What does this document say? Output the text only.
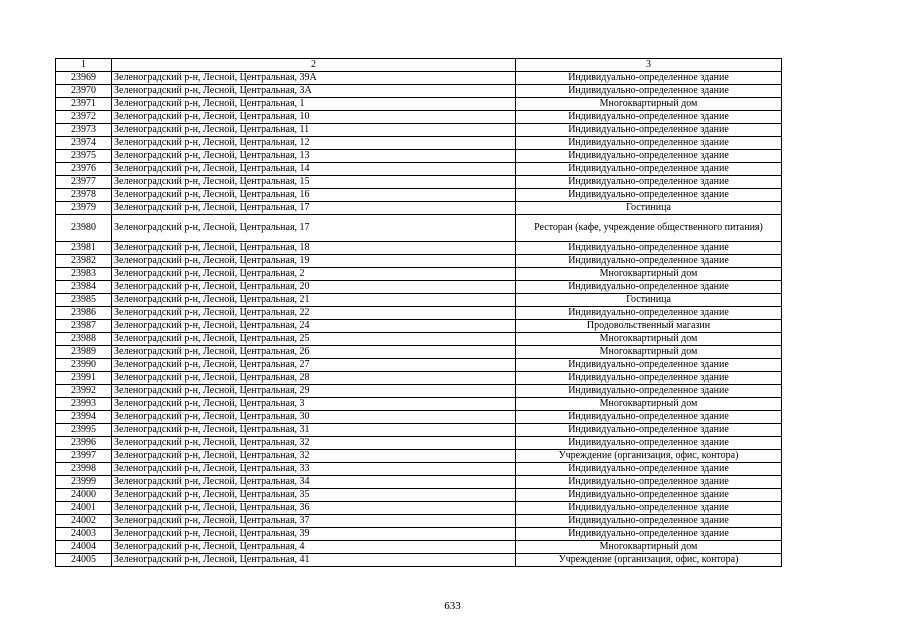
1	2	3
23969	Зеленоградский р-н, Лесной, Центральная, 39А	Индивидуально-определенное здание
23970	Зеленоградский р-н, Лесной, Центральная, 3А	Индивидуально-определенное здание
23971	Зеленоградский р-н, Лесной, Центральная, 1	Многоквартирный дом
23972	Зеленоградский р-н, Лесной, Центральная, 10	Индивидуально-определенное здание
23973	Зеленоградский р-н, Лесной, Центральная, 11	Индивидуально-определенное здание
23974	Зеленоградский р-н, Лесной, Центральная, 12	Индивидуально-определенное здание
23975	Зеленоградский р-н, Лесной, Центральная, 13	Индивидуально-определенное здание
23976	Зеленоградский р-н, Лесной, Центральная, 14	Индивидуально-определенное здание
23977	Зеленоградский р-н, Лесной, Центральная, 15	Индивидуально-определенное здание
23978	Зеленоградский р-н, Лесной, Центральная, 16	Индивидуально-определенное здание
23979	Зеленоградский р-н, Лесной, Центральная, 17	Гостиница
23980	Зеленоградский р-н, Лесной, Центральная, 17	Ресторан (кафе, учреждение общественного питания)
23981	Зеленоградский р-н, Лесной, Центральная, 18	Индивидуально-определенное здание
23982	Зеленоградский р-н, Лесной, Центральная, 19	Индивидуально-определенное здание
23983	Зеленоградский р-н, Лесной, Центральная, 2	Многоквартирный дом
23984	Зеленоградский р-н, Лесной, Центральная, 20	Индивидуально-определенное здание
23985	Зеленоградский р-н, Лесной, Центральная, 21	Гостиница
23986	Зеленоградский р-н, Лесной, Центральная, 22	Индивидуально-определенное здание
23987	Зеленоградский р-н, Лесной, Центральная, 24	Продовольственный магазин
23988	Зеленоградский р-н, Лесной, Центральная, 25	Многоквартирный дом
23989	Зеленоградский р-н, Лесной, Центральная, 26	Многоквартирный дом
23990	Зеленоградский р-н, Лесной, Центральная, 27	Индивидуально-определенное здание
23991	Зеленоградский р-н, Лесной, Центральная, 28	Индивидуально-определенное здание
23992	Зеленоградский р-н, Лесной, Центральная, 29	Индивидуально-определенное здание
23993	Зеленоградский р-н, Лесной, Центральная, 3	Многоквартирный дом
23994	Зеленоградский р-н, Лесной, Центральная, 30	Индивидуально-определенное здание
23995	Зеленоградский р-н, Лесной, Центральная, 31	Индивидуально-определенное здание
23996	Зеленоградский р-н, Лесной, Центральная, 32	Индивидуально-определенное здание
23997	Зеленоградский р-н, Лесной, Центральная, 32	Учреждение (организация, офис, контора)
23998	Зеленоградский р-н, Лесной, Центральная, 33	Индивидуально-определенное здание
23999	Зеленоградский р-н, Лесной, Центральная, 34	Индивидуально-определенное здание
24000	Зеленоградский р-н, Лесной, Центральная, 35	Индивидуально-определенное здание
24001	Зеленоградский р-н, Лесной, Центральная, 36	Индивидуально-определенное здание
24002	Зеленоградский р-н, Лесной, Центральная, 37	Индивидуально-определенное здание
24003	Зеленоградский р-н, Лесной, Центральная, 39	Индивидуально-определенное здание
24004	Зеленоградский р-н, Лесной, Центральная, 4	Многоквартирный дом
24005	Зеленоградский р-н, Лесной, Центральная, 41	Учреждение (организация, офис, контора)
633
